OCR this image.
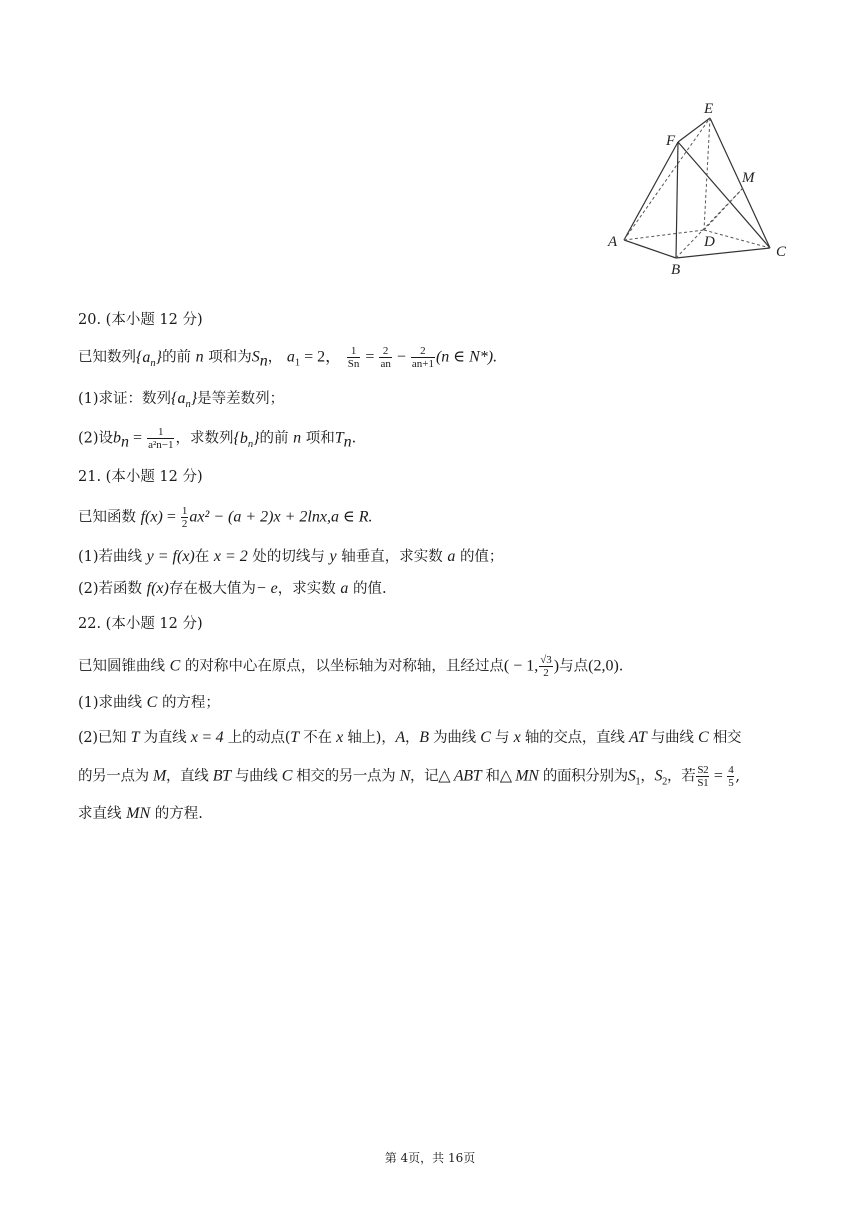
A
B
C
D
E
F
M
20. (本小题 12 分)
已知数列$\{a_n\}$的前 n 项和为$S_n$， $a_1 = 2$， $\frac{1}{Sn} = \frac{2}{an} - \frac{2}{an+1} (n$ ∈ N*).
(1)求证：数列$\{a_n\}$是等差数列；
(2)设$b_n = \frac{1}{\text{a²n−1}}$ ，求数列$\{b_n\}$的前 n 项和$T_n$.
21. (本小题 12 分)
已知函数 $f(x) = \frac{1}{2} ax^2 - (a + 2)x + 2\ln x,a$ ∈ R.
(1)若曲线 y = f(x)在 x = 2 处的切线与 y 轴垂直，求实数 a 的值；
(2)若函数 f(x)存在极大值为− e，求实数 a 的值.
22. (本小题 12 分)
已知圆锥曲线 C 的对称中心在原点，以坐标轴为对称轴，且经过点( − 1, $\frac{√3}{2}$ )与点(2,0).
(1)求曲线 C 的方程；
(2)已知 T 为直线 x = 4 上的动点(T 不在 x 轴上)，A，B 为曲线 C 与 x 轴的交点，直线 AT 与曲线 C 相交
的另一点为 M，直线 BT 与曲线 C 相交的另一点为 N，记△ ABT 和△ MN 的面积分别为$S_1$，$S_2$，若 $\frac{S2}{S1} = \frac{4}{5}$ ,
求直线 MN 的方程.
第 4页，共 16页
